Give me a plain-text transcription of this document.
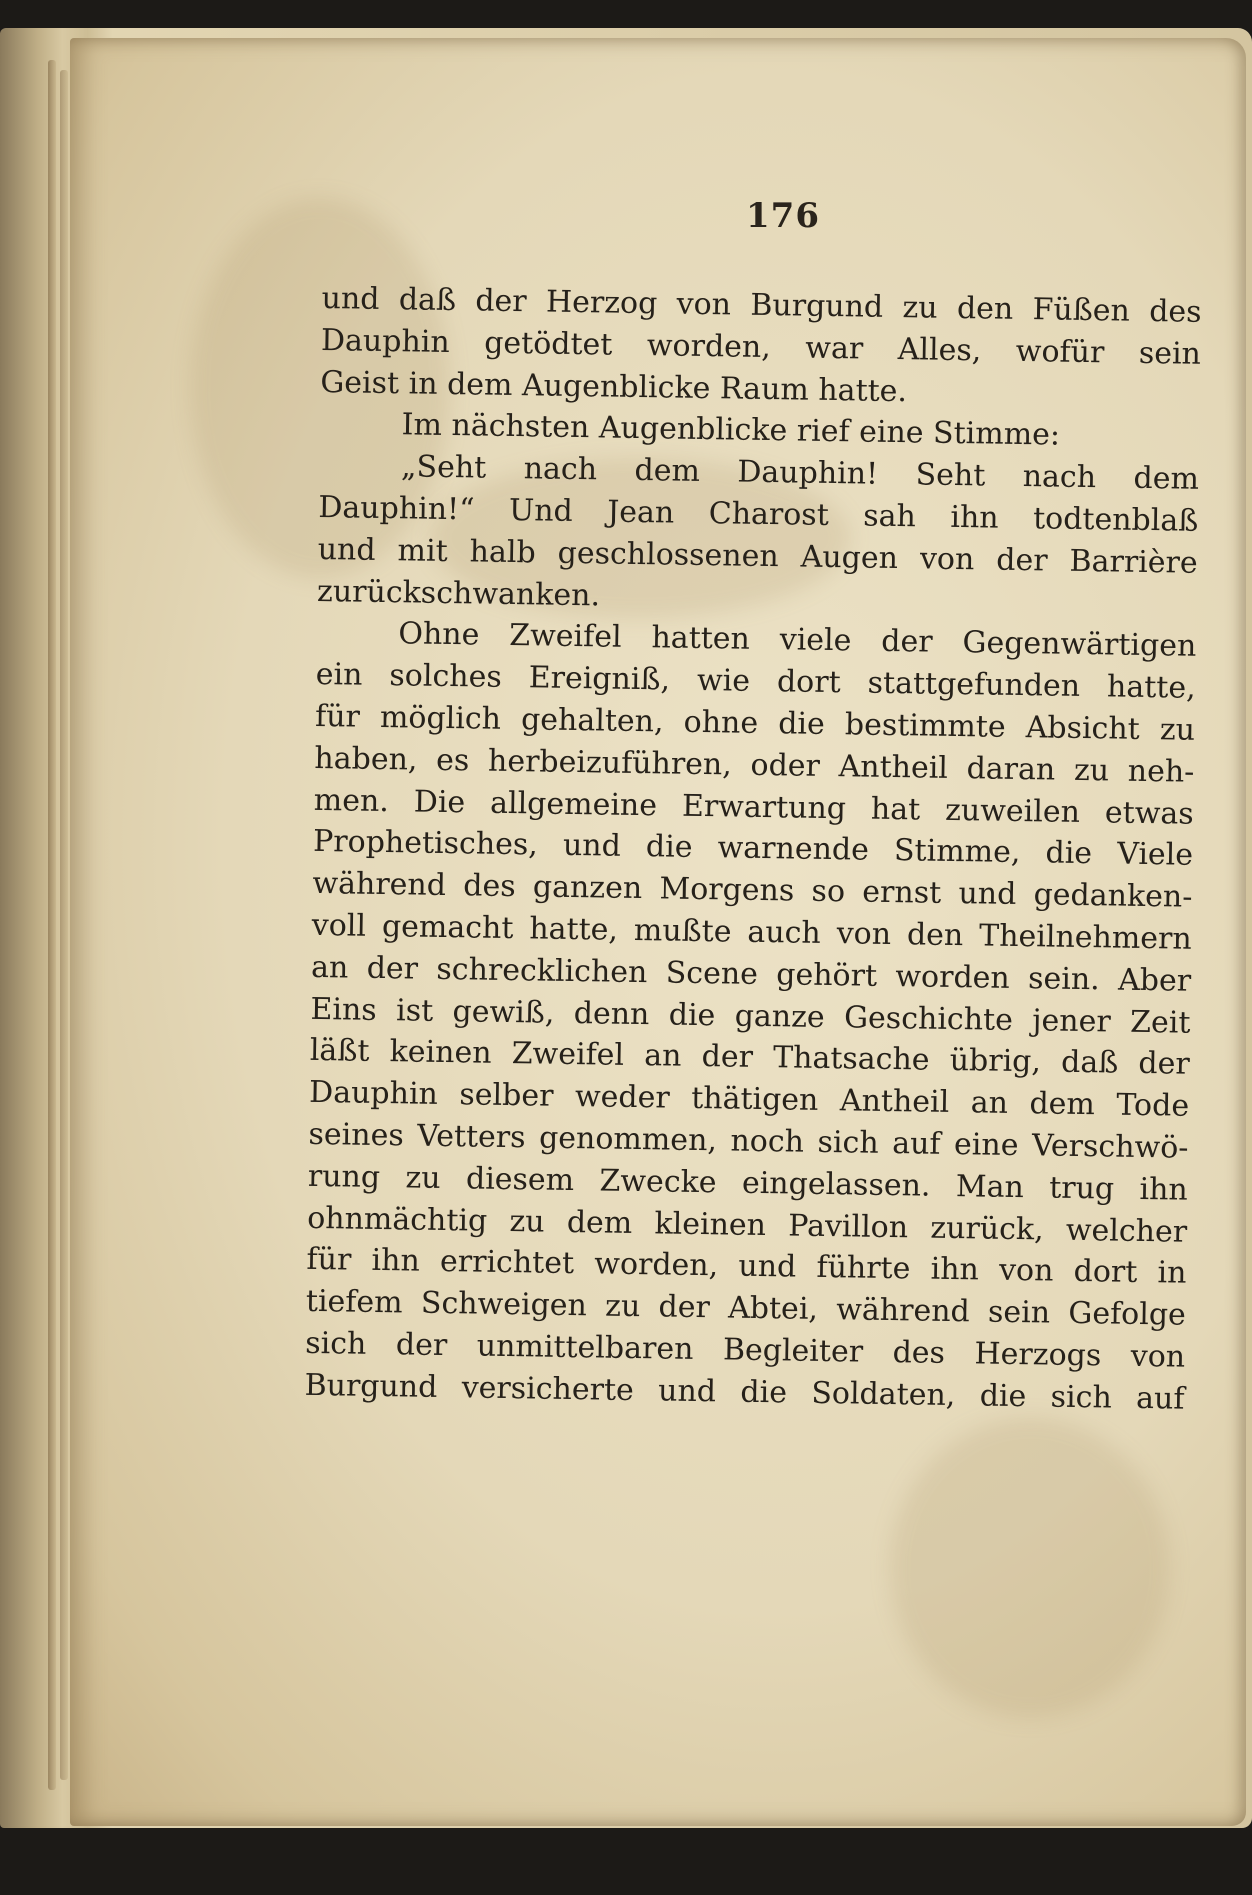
176

und daß der Herzog von Burgund zu den Füßen des

Dauphin getödtet worden, war Alles, wofür sein

Geist in dem Augenblicke Raum hatte.

Im nächsten Augenblicke rief eine Stimme:

„Seht nach dem Dauphin! Seht nach dem

Dauphin!“ Und Jean Charost sah ihn todtenblaß

und mit halb geschlossenen Augen von der Barrière

zurückschwanken.

Ohne Zweifel hatten viele der Gegenwärtigen

ein solches Ereigniß, wie dort stattgefunden hatte,

für möglich gehalten, ohne die bestimmte Absicht zu

haben, es herbeizuführen, oder Antheil daran zu neh-

men. Die allgemeine Erwartung hat zuweilen etwas

Prophetisches, und die warnende Stimme, die Viele

während des ganzen Morgens so ernst und gedanken-

voll gemacht hatte, mußte auch von den Theilnehmern

an der schrecklichen Scene gehört worden sein. Aber

Eins ist gewiß, denn die ganze Geschichte jener Zeit

läßt keinen Zweifel an der Thatsache übrig, daß der

Dauphin selber weder thätigen Antheil an dem Tode

seines Vetters genommen, noch sich auf eine Verschwö-

rung zu diesem Zwecke eingelassen. Man trug ihn

ohnmächtig zu dem kleinen Pavillon zurück, welcher

für ihn errichtet worden, und führte ihn von dort in

tiefem Schweigen zu der Abtei, während sein Gefolge

sich der unmittelbaren Begleiter des Herzogs von

Burgund versicherte und die Soldaten, die sich auf
